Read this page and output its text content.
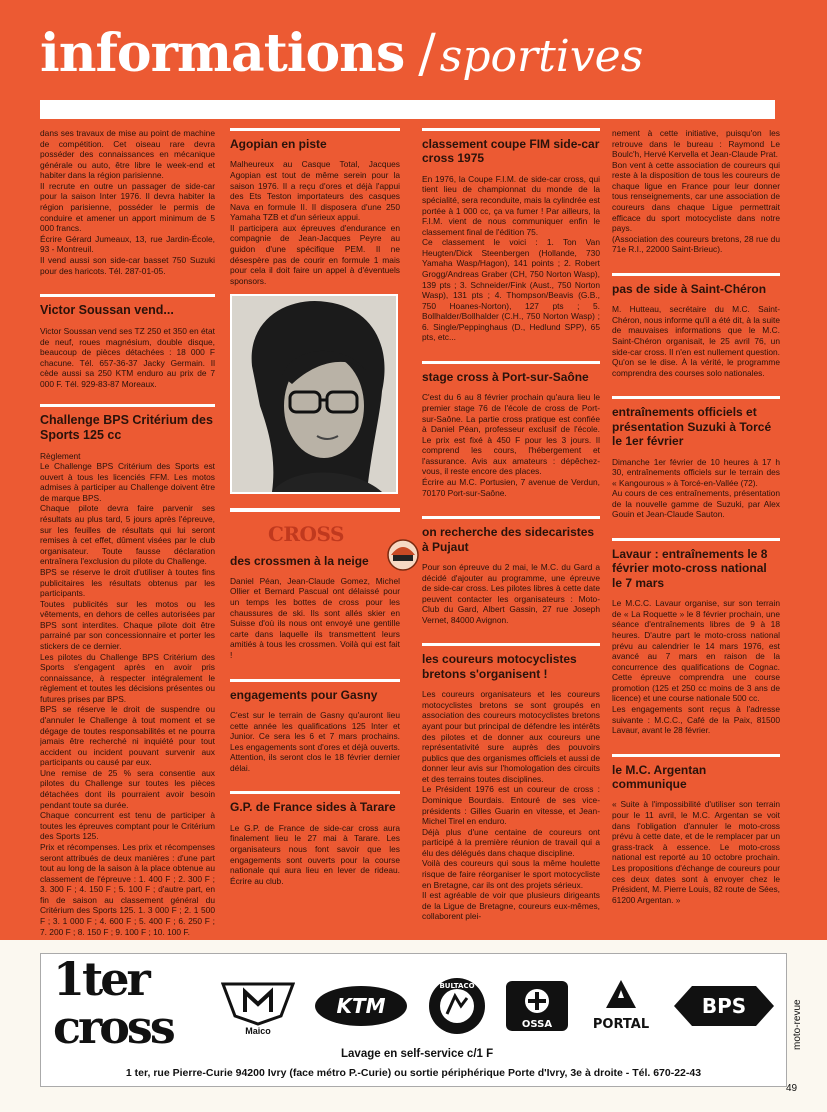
informations / sportives

dans ses travaux de mise au point de machine de compétition. Cet oiseau rare devra posséder des connaissances en mécanique générale ou auto, être libre le week-end et habiter dans la région parisienne.

Il recrute en outre un passager de side-car pour la saison Inter 1976. Il devra habiter la région parisienne, posséder le permis de conduire et amener un apport minimum de 5 000 francs.

Écrire Gérard Jumeaux, 13, rue Jardin-École, 93 - Montreuil.

Il vend aussi son side-car basset 750 Suzuki pour des haricots. Tél. 287-01-05.

Victor Soussan vend...

Victor Soussan vend ses TZ 250 et 350 en état de neuf, roues magnésium, double disque, beaucoup de pièces détachées : 18 000 F chacune. Tél. 657-36-37 Jacky Germain. Il cède aussi sa 250 KTM enduro au prix de 7 000 F. Tél. 929-83-87 Moreaux.

Challenge BPS Critérium des Sports 125 cc

Règlement

Le Challenge BPS Critérium des Sports est ouvert à tous les licenciés FFM. Les motos admises à participer au Challenge doivent être de marque BPS.

Chaque pilote devra faire parvenir ses résultats au plus tard, 5 jours après l'épreuve, sur les feuilles de résultats qui lui seront remises à cet effet, dûment visées par le club organisateur. Toute fausse déclaration entraînera l'exclusion du pilote du Challenge.

BPS se réserve le droit d'utiliser à toutes fins publicitaires les résultats obtenus par les participants.

Toutes publicités sur les motos ou les vêtements, en dehors de celles autorisées par BPS sont interdites. Chaque pilote doit être parrainé par son concessionnaire et porter les stickers de ce dernier.

Les pilotes du Challenge BPS Critérium des Sports s'engagent après en avoir pris connaissance, à respecter intégralement le règlement et toutes les décisions présentes ou futures prises par BPS.

BPS se réserve le droit de suspendre ou d'annuler le Challenge à tout moment et se dégage de toutes responsabilités et ne pourra jamais être recherché ni inquiété pour tout accident ou incident pouvant survenir aux participants ou causé par eux.

Une remise de 25 % sera consentie aux pilotes du Challenge sur toutes les pièces détachées dont ils pourraient avoir besoin pendant toute sa durée.

Chaque concurrent est tenu de participer à toutes les épreuves comptant pour le Critérium des Sports 125.

Prix et récompenses. Les prix et récompenses seront attribués de deux manières : d'une part tout au long de la saison à la place obtenue au classement de l'épreuve : 1. 400 F ; 2. 300 F ; 3. 300 F ; 4. 150 F ; 5. 100 F ; d'autre part, en fin de saison au classement général du Critérium des Sports 125. 1. 3 000 F ; 2. 1 500 F ; 3. 1 000 F ; 4. 600 F ; 5. 400 F ; 6. 250 F ; 7. 200 F ; 8. 150 F ; 9. 100 F ; 10. 100 F.

Agopian en piste

Malheureux au Casque Total, Jacques Agopian est tout de même serein pour la saison 1976. Il a reçu d'ores et déjà l'appui des Ets Teston importateurs des casques Nava en formule II. Il disposera d'une 250 Yamaha TZB et d'un sérieux appui.

Il participera aux épreuves d'endurance en compagnie de Jean-Jacques Peyre au guidon d'une spécifique PEM. Il ne désespère pas de courir en formule 1 mais pour cela il doit faire un appel à d'éventuels sponsors.

CROSS
des crossmen à la neige

Daniel Péan, Jean-Claude Gomez, Michel Ollier et Bernard Pascual ont délaissé pour un temps les bottes de cross pour les chaussures de ski. Ils sont allés skier en Suisse d'où ils nous ont envoyé une gentille carte dans laquelle ils transmettent leurs amitiés à tous les crossmen. Voilà qui est fait !

engagements pour Gasny

C'est sur le terrain de Gasny qu'auront lieu cette année les qualifications 125 Inter et Junior. Ce sera les 6 et 7 mars prochains. Les engagements sont d'ores et déjà ouverts. Attention, ils seront clos le 18 février dernier délai.

G.P. de France sides à Tarare

Le G.P. de France de side-car cross aura finalement lieu le 27 mai à Tarare. Les organisateurs nous font savoir que les engagements sont ouverts pour la course nationale qui aura lieu en lever de rideau. Écrire au club.

classement coupe FIM side-car cross 1975

En 1976, la Coupe F.I.M. de side-car cross, qui tient lieu de championnat du monde de la spécialité, sera reconduite, mais la cylindrée est portée à 1 000 cc, ça va fumer ! Par ailleurs, la F.I.M. vient de nous communiquer enfin le classement final de l'édition 75.

Ce classement le voici : 1. Ton Van Heugten/Dick Steenbergen (Hollande, 730 Yamaha Wasp/Hagon), 141 points ; 2. Robert Grogg/Andreas Graber (CH, 750 Norton Wasp), 139 pts ; 3. Schneider/Fink (Aust., 750 Norton Wasp), 131 pts ; 4. Thompson/Beavis (G.B., 750 Hoanes-Norton), 127 pts ; 5. Bollhalder/Bollhalder (C.H., 750 Norton Wasp) ; 6. Single/Peppinghaus (D., Hedlund SPP), 65 pts, etc...

stage cross à Port-sur-Saône

C'est du 6 au 8 février prochain qu'aura lieu le premier stage 76 de l'école de cross de Port-sur-Saône. La partie cross pratique est confiée à Daniel Péan, professeur exclusif de l'école. Le prix est fixé à 450 F pour les 3 jours. Il comprend les cours, l'hébergement et l'assurance. Avis aux amateurs : dépêchez-vous, il reste encore des places.

Écrire au M.C. Portusien, 7 avenue de Verdun, 70170 Port-sur-Saône.

on recherche des sidecaristes à Pujaut

Pour son épreuve du 2 mai, le M.C. du Gard a décidé d'ajouter au programme, une épreuve de side-car cross. Les pilotes libres à cette date peuvent contacter les organisateurs : Moto-Club du Gard, Albert Gassin, 27 rue Joseph Vernet, 84000 Avignon.

les coureurs motocyclistes bretons s'organisent !

Les coureurs organisateurs et les coureurs motocyclistes bretons se sont groupés en association des coureurs motocyclistes bretons ayant pour but principal de défendre les intérêts des pilotes et de donner aux coureurs une représentativité sure auprès des pouvoirs publics que des organismes officiels et aussi de donner leur avis sur l'homologation des circuits et des terrains toutes disciplines.

Le Président 1976 est un coureur de cross : Dominique Bourdais. Entouré de ses vice-présidents : Gilles Guarin en vitesse, et Jean-Michel Tirel en enduro.

Déjà plus d'une centaine de coureurs ont participé à la première réunion de travail qui a élu des délégués dans chaque discipline.

Voilà des coureurs qui sous la même houlette risque de faire réorganiser le sport motocycliste en Bretagne, car ils ont des projets sérieux.

Il est agréable de voir que plusieurs dirigeants de la Ligue de Bretagne, coureurs eux-mêmes, collaborent plei-

nement à cette initiative, puisqu'on les retrouve dans le bureau : Raymond Le Boulc'h, Hervé Kervella et Jean-Claude Prat.

Bon vent à cette association de coureurs qui reste à la disposition de tous les coureurs de chaque ligue en France pour leur donner tous renseignements, car une association de coureurs dans chaque Ligue permettrait efficace du sport motocycliste dans notre pays.

(Association des coureurs bretons, 28 rue du 71e R.I., 22000 Saint-Brieuc).

pas de side à Saint-Chéron

M. Hutteau, secrétaire du M.C. Saint-Chéron, nous informe qu'il a été dit, à la suite de mauvaises informations que le M.C. Saint-Chéron organisait, le 25 avril 76, un side-car cross. Il n'en est nullement question. Qu'on se le dise. À la vérité, le programme comprendra des courses solo nationales.

entraînements officiels et présentation Suzuki à Torcé le 1er février

Dimanche 1er février de 10 heures à 17 h 30, entraînements officiels sur le terrain des « Kangourous » à Torcé-en-Vallée (72).

Au cours de ces entraînements, présentation de la nouvelle gamme de Suzuki, par Alex Gouin et Jean-Claude Sauton.

Lavaur : entraînements le 8 février moto-cross national le 7 mars

Le M.C.C. Lavaur organise, sur son terrain de « La Roquette » le 8 février prochain, une séance d'entraînements libres de 9 à 18 heures. D'autre part le moto-cross national prévu au calendrier le 14 mars 1976, est avancé au 7 mars en raison de la concurrence des qualifications de Cognac. Cette épreuve comprendra une course promotion (125 et 250 cc moins de 3 ans de licence) et une course nationale 500 cc.

Les engagements sont reçus à l'adresse suivante : M.C.C., Café de la Paix, 81500 Lavaur, avant le 28 février.

le M.C. Argentan communique

« Suite à l'impossibilité d'utiliser son terrain pour le 11 avril, le M.C. Argentan se voit dans l'obligation d'annuler le moto-cross prévu à cette date, et de le remplacer par un grass-track à essence. Le moto-cross national est reporté au 10 octobre prochain. Les propositions d'échange de coureurs pour ces deux dates sont à envoyer chez le Président, M. Pierre Louis, 82 route de Sées, 61200 Argentan. »

1ter
cross	Maico
KTM
BULTACO
OSSA	PORTAL
BPS
Lavage en self-service c/1 F
1 ter, rue Pierre-Curie 94200 Ivry (face métro P.-Curie) ou sortie périphérique Porte d'Ivry, 3e à droite - Tél. 670-22-43
moto-revue
49
